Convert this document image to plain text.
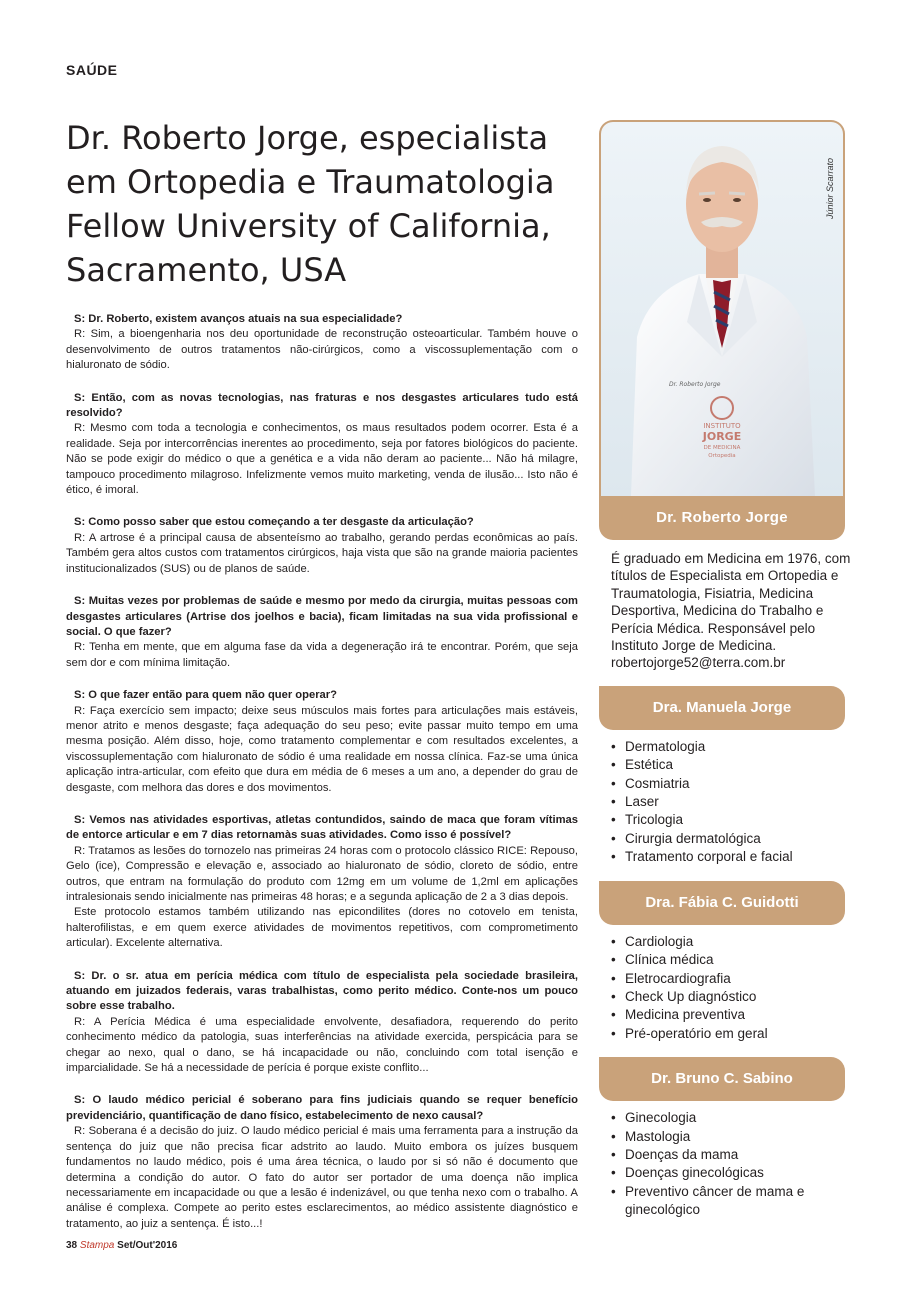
SAÚDE
Dr. Roberto Jorge, especialista em Ortopedia e Traumatologia Fellow University of California, Sacramento, USA

S: Dr. Roberto, existem avanços atuais na sua especialidade?

R: Sim, a bioengenharia nos deu oportunidade de reconstrução osteoarticular. Também houve o desenvolvimento de outros tratamentos não-cirúrgicos, como a viscossuplementação com o hialuronato de sódio.

S: Então, com as novas tecnologias, nas fraturas e nos desgastes articulares tudo está resolvido?

R: Mesmo com toda a tecnologia e conhecimentos, os maus resultados podem ocorrer. Esta é a realidade. Seja por intercorrências inerentes ao procedimento, seja por fatores biológicos do paciente. Não se pode exigir do médico o que a genética e a vida não deram ao paciente... Não há milagre, tampouco procedimento milagroso. Infelizmente vemos muito marketing, venda de ilusão... Isto não é ético, é imoral.

S: Como posso saber que estou começando a ter desgaste da articulação?

R: A artrose é a principal causa de absenteísmo ao trabalho, gerando perdas econômicas ao país. Também gera altos custos com tratamentos cirúrgicos, haja vista que são na grande maioria pacientes institucionalizados (SUS) ou de planos de saúde.

S: Muitas vezes por problemas de saúde e mesmo por medo da cirurgia, muitas pessoas com desgastes articulares (Artrise dos joelhos e bacia), ficam limitadas na sua vida profissional e social. O que fazer?

R: Tenha em mente, que em alguma fase da vida a degeneração irá te encontrar. Porém, que seja sem dor e com mínima limitação.

S: O que fazer então para quem não quer operar?

R: Faça exercício sem impacto; deixe seus músculos mais fortes para articulações mais estáveis, menor atrito e menos desgaste; faça adequação do seu peso; evite passar muito tempo em uma mesma posição. Além disso, hoje, como tratamento complementar e com resultados excelentes, a viscossuplementação com hialuronato de sódio é uma realidade em nossa clínica. Faz-se uma única aplicação intra-articular, com efeito que dura em média de 6 meses a um ano, a depender do grau de desgaste, com melhora das dores e dos movimentos.

S: Vemos nas atividades esportivas, atletas contundidos, saindo de maca que foram vítimas de entorce articular e em 7 dias retornamàs suas atividades. Como isso é possível?

R: Tratamos as lesões do tornozelo nas primeiras 24 horas com o protocolo clássico RICE: Repouso, Gelo (ice), Compressão e elevação e, associado ao hialuronato de sódio, cloreto de sódio, entre outros, que entram na formulação do produto com 12mg em um volume de 1,2ml em aplicações intralesionais sendo inicialmente nas primeiras 48 horas; e a segunda aplicação de 2 a 3 dias depois.

Este protocolo estamos também utilizando nas epicondilites (dores no cotovelo em tenista, halterofilistas, e em quem exerce atividades de movimentos repetitivos, com comprometimento articular). Excelente alternativa.

S: Dr. o sr. atua em perícia médica com título de especialista pela sociedade brasileira, atuando em juizados federais, varas trabalhistas, como perito médico. Conte-nos um pouco sobre esse trabalho.

R: A Perícia Médica é uma especialidade envolvente, desafiadora, requerendo do perito conhecimento médico da patologia, suas interferências na atividade exercida, perspicácia para se chegar ao nexo, qual o dano, se há incapacidade ou não, concluindo com total isenção e imparcialidade. Se há a necessidade de perícia é porque existe conflito...

S: O laudo médico pericial é soberano para fins judiciais quando se requer benefício previdenciário, quantificação de dano físico, estabelecimento de nexo causal?

R: Soberana é a decisão do juiz. O laudo médico pericial é mais uma ferramenta para a instrução da sentença do juiz que não precisa ficar adstrito ao laudo. Muito embora os juízes busquem fundamentos no laudo médico, pois é uma área técnica, o laudo por si só não é documento que determina a condição do autor. O fato do autor ser portador de uma doença não implica necessariamente em incapacidade ou que a lesão é indenizável, ou que tenha nexo com o trabalho. A análise é complexa. Compete ao perito estes esclarecimentos, ao médico assistente diagnóstico e tratamento, ao juiz a sentença. É isto...!

38 Stampa Set/Out'2016
Dr. Roberto Jorge
INSTITUTO
JORGE
DE MEDICINA
Ortopedia
Júnior Scarrato
Dr. Roberto Jorge
É graduado em Medicina em 1976, com títulos de Especialista em Ortopedia e Traumatologia, Fisiatria, Medicina Desportiva, Medicina do Trabalho e Perícia Médica. Responsável pelo Instituto Jorge de Medicina.
robertojorge52@terra.com.br
Dra. Manuela Jorge
• Dermatologia
• Estética
• Cosmiatria
• Laser
• Tricologia
• Cirurgia dermatológica
• Tratamento corporal e facial
Dra. Fábia C. Guidotti
• Cardiologia
• Clínica médica
• Eletrocardiografia
• Check Up diagnóstico
• Medicina preventiva
• Pré-operatório em geral
Dr. Bruno C. Sabino
• Ginecologia
• Mastologia
• Doenças da mama
• Doenças ginecológicas
• Preventivo câncer de mama e ginecológico
